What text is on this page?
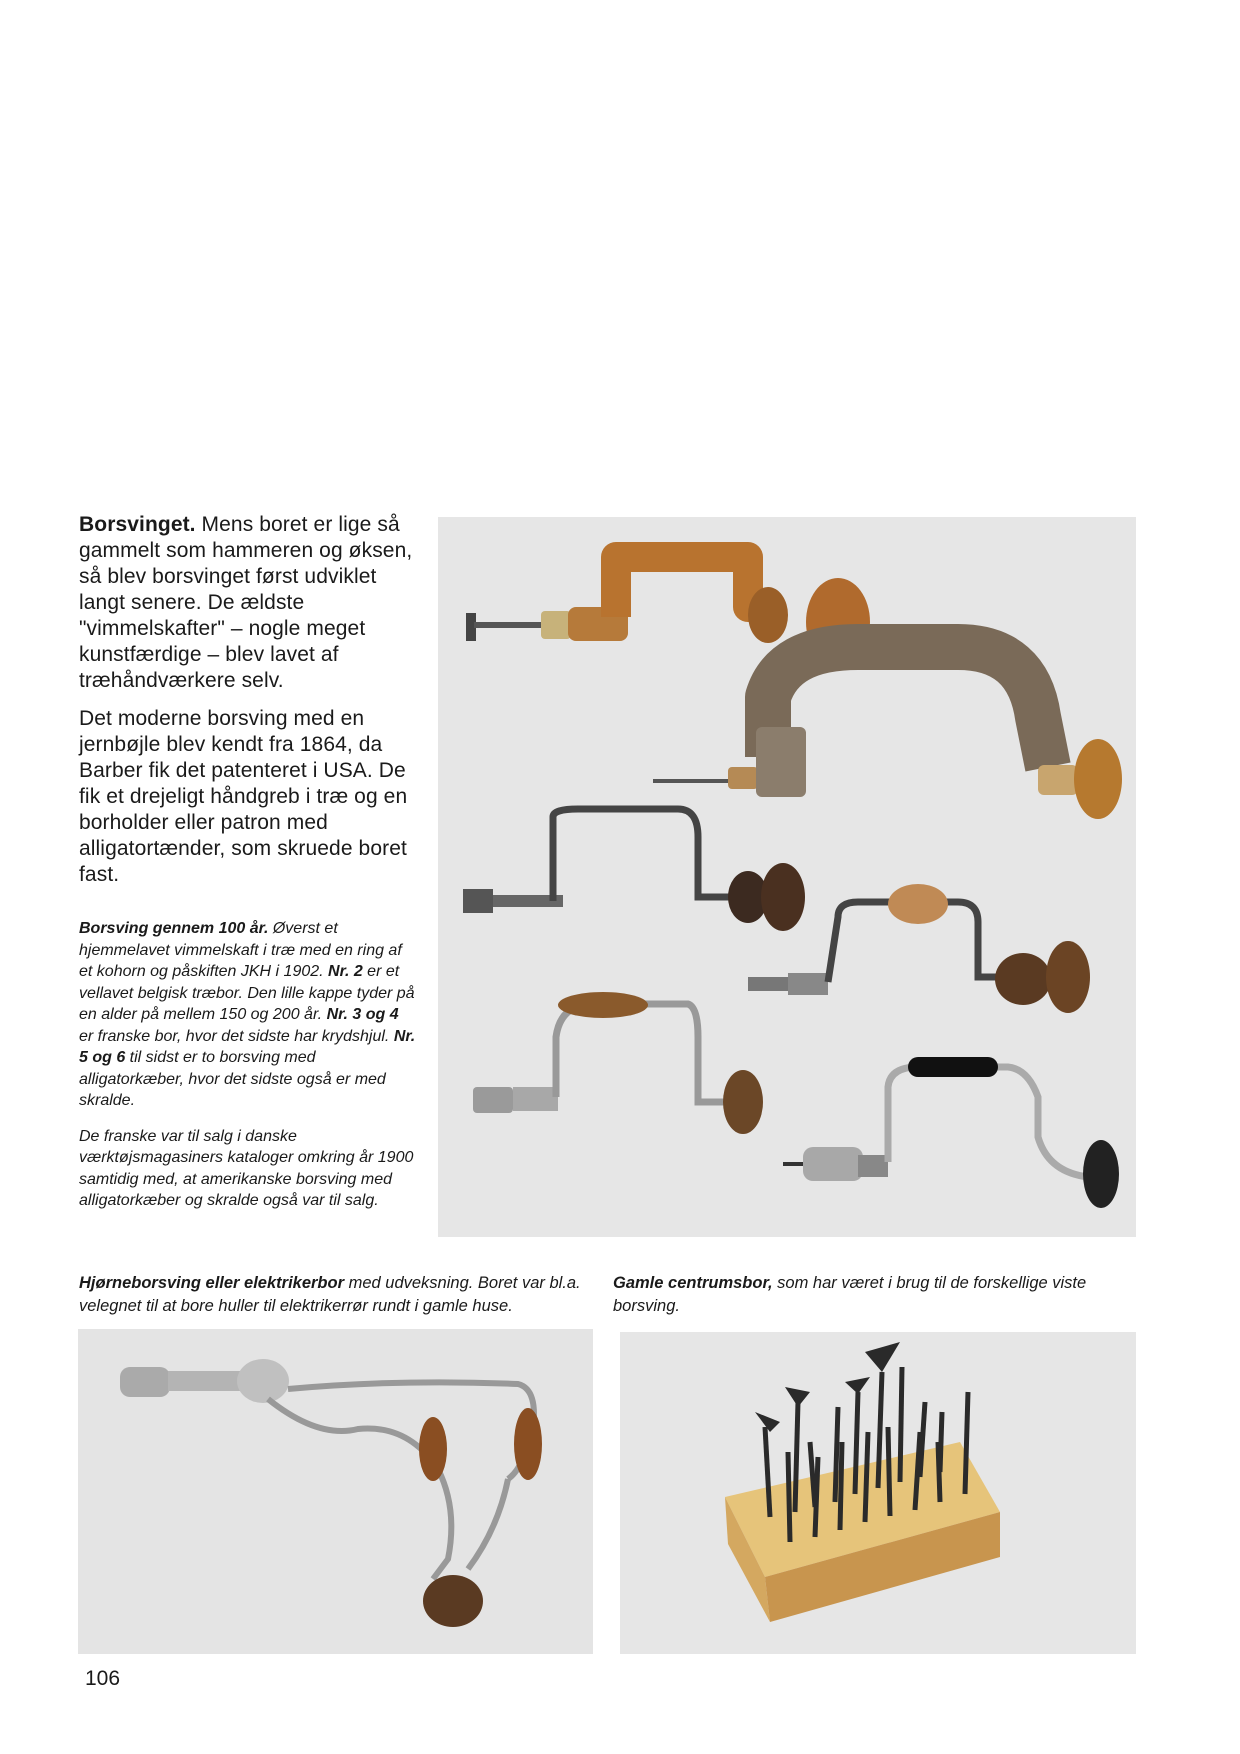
Borsvinget. Mens boret er lige så gammelt som hammeren og øksen, så blev borsvinget først udviklet langt senere. De ældste "vimmelskafter" – nogle meget kunstfærdige – blev lavet af træhåndværkere selv.

Det moderne borsving med en jernbøjle blev kendt fra 1864, da Barber fik det patenteret i USA. De fik et drejeligt håndgreb i træ og en borholder eller patron med alligatortænder, som skruede boret fast.

Borsving gennem 100 år. Øverst et hjemmelavet vimmelskaft i træ med en ring af et kohorn og påskiften JKH i 1902. Nr. 2 er et vellavet belgisk træbor. Den lille kappe tyder på en alder på mellem 150 og 200 år. Nr. 3 og 4 er franske bor, hvor det sidste har krydshjul. Nr. 5 og 6 til sidst er to borsving med alligatorkæber, hvor det sidste også er med skralde.

De franske var til salg i danske værktøjsmagasiners kataloger omkring år 1900 samtidig med, at amerikanske borsving med alligatorkæber og skralde også var til salg.

Hjørneborsving eller elektrikerbor med udveksning. Boret var bl.a. velegnet til at bore huller til elektrikerrør rundt i gamle huse.
Gamle centrumsbor, som har været i brug til de forskellige viste borsving.
106
